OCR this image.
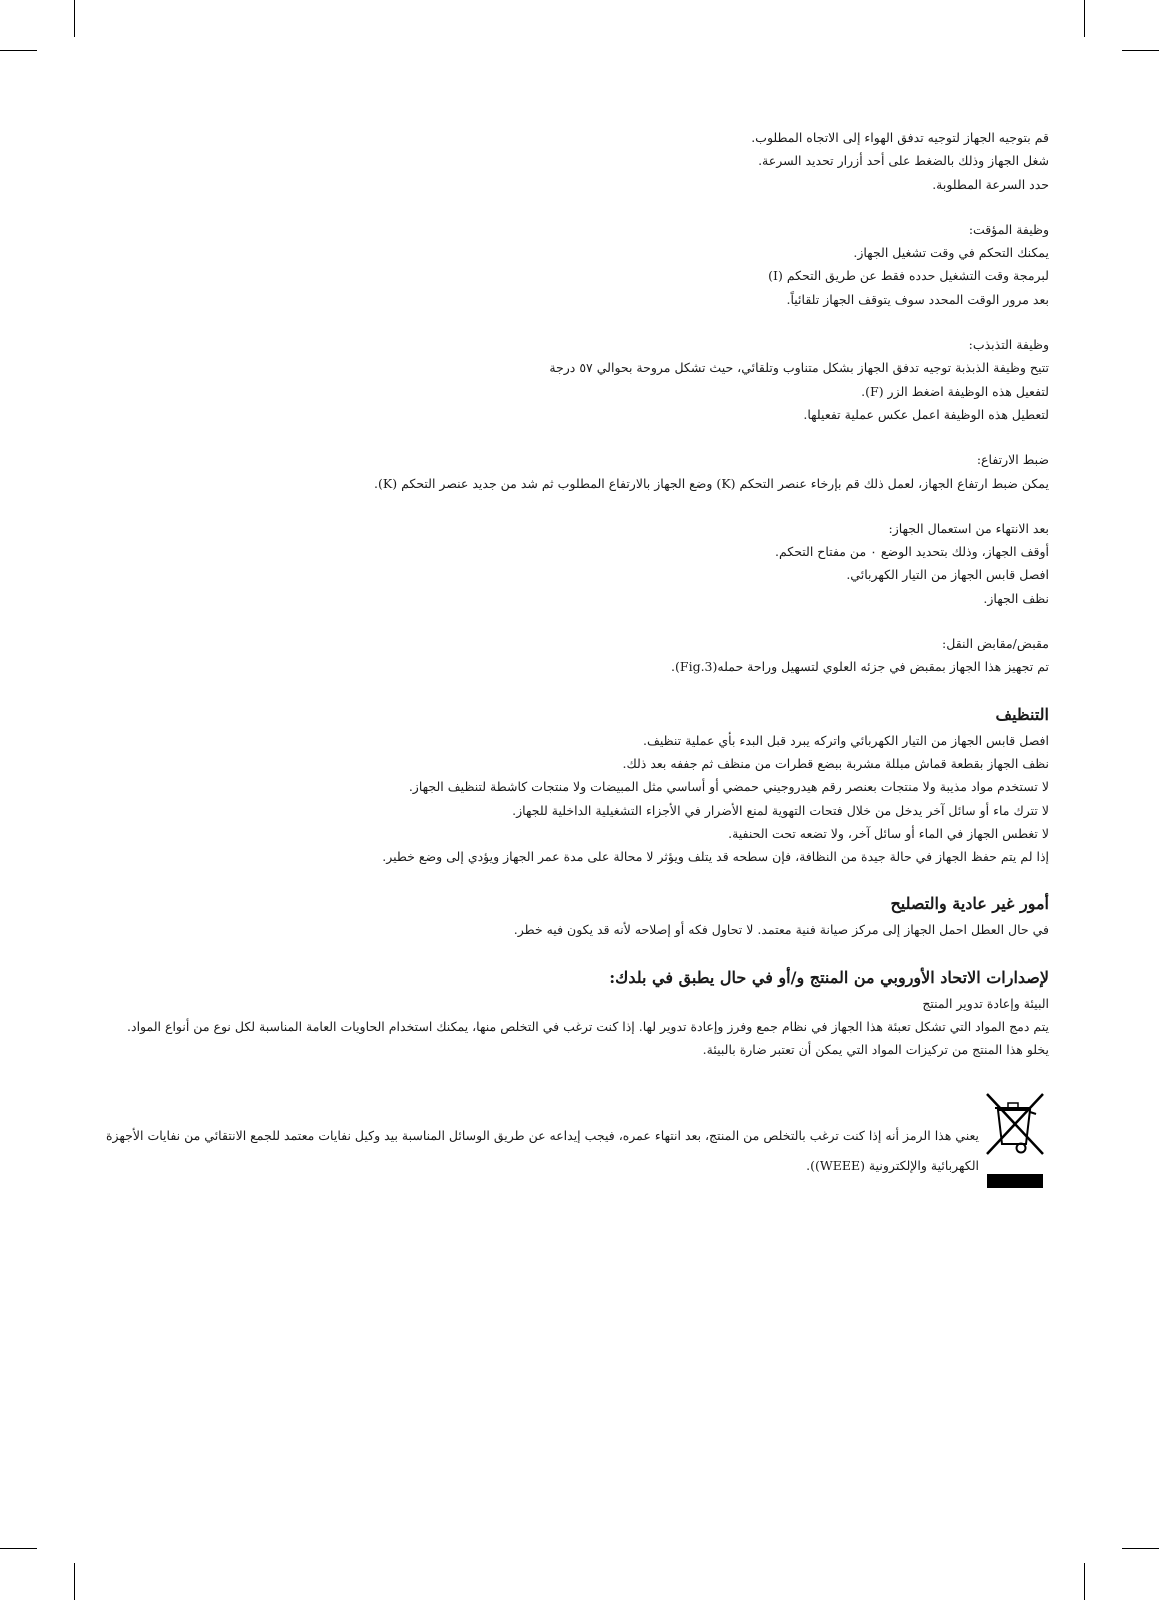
قم بتوجيه الجهاز لتوجيه تدفق الهواء إلى الاتجاه المطلوب.
شغل الجهاز وذلك بالضغط على أحد أزرار تحديد السرعة.
حدد السرعة المطلوبة.
وظيفة المؤقت:
يمكنك التحكم في وقت تشغيل الجهاز.
لبرمجة وقت التشغيل حدده فقط عن طريق التحكم (I)
بعد مرور الوقت المحدد سوف يتوقف الجهاز تلقائياً.
وظيفة التذبذب:
تتيح وظيفة الذبذبة توجيه تدفق الجهاز بشكل متناوب وتلقائي، حيث تشكل مروحة بحوالي ٥٧ درجة
لتفعيل هذه الوظيفة اضغط الزر (F).
لتعطيل هذه الوظيفة اعمل عكس عملية تفعيلها.
ضبط الارتفاع:
يمكن ضبط ارتفاع الجهاز، لعمل ذلك قم بإرخاء عنصر التحكم (K) وضع الجهاز بالارتفاع المطلوب ثم شد من جديد عنصر التحكم (K).
بعد الانتهاء من استعمال الجهاز:
أوقف الجهاز، وذلك بتحديد الوضع ٠ من مفتاح التحكم.
افصل قابس الجهاز من التيار الكهربائي.
نظف الجهاز.
مقبض/مقابض النقل:
تم تجهيز هذا الجهاز بمقبض في جزئه العلوي لتسهيل وراحة حمله(Fig.3).
التنظيف
افصل قابس الجهاز من التيار الكهربائي واتركه يبرد قبل البدء بأي عملية تنظيف.
نظف الجهاز بقطعة قماش مبللة مشربة ببضع قطرات من منظف ثم جففه بعد ذلك.
لا تستخدم مواد مذيبة ولا منتجات بعنصر رقم هيدروجيني حمضي أو أساسي مثل المبيضات ولا منتجات كاشطة لتنظيف الجهاز.
لا تترك ماء أو سائل آخر يدخل من خلال فتحات التهوية لمنع الأضرار في الأجزاء التشغيلية الداخلية للجهاز.
لا تغطس الجهاز في الماء أو سائل آخر، ولا تضعه تحت الحنفية.
إذا لم يتم حفظ الجهاز في حالة جيدة من النظافة، فإن سطحه قد يتلف ويؤثر لا محالة على مدة عمر الجهاز ويؤدي إلى وضع خطير.
أمور غير عادية والتصليح
في حال العطل احمل الجهاز إلى مركز صيانة فنية معتمد. لا تحاول فكه أو إصلاحه لأنه قد يكون فيه خطر.
لإصدارات الاتحاد الأوروبي من المنتج و/أو في حال يطبق في بلدك:
البيئة وإعادة تدوير المنتج
يتم دمج المواد التي تشكل تعبئة هذا الجهاز في نظام جمع وفرز وإعادة تدوير لها. إذا كنت ترغب في التخلص منها، يمكنك استخدام الحاويات العامة المناسبة لكل نوع من أنواع المواد.
يخلو هذا المنتج من تركيزات المواد التي يمكن أن تعتبر ضارة بالبيئة.
يعني هذا الرمز أنه إذا كنت ترغب بالتخلص من المنتج، بعد انتهاء عمره، فيجب إيداعه عن طريق الوسائل المناسبة بيد وكيل نفايات معتمد للجمع الانتقائي من نفايات الأجهزة الكهربائية والإلكترونية (WEEE)).
